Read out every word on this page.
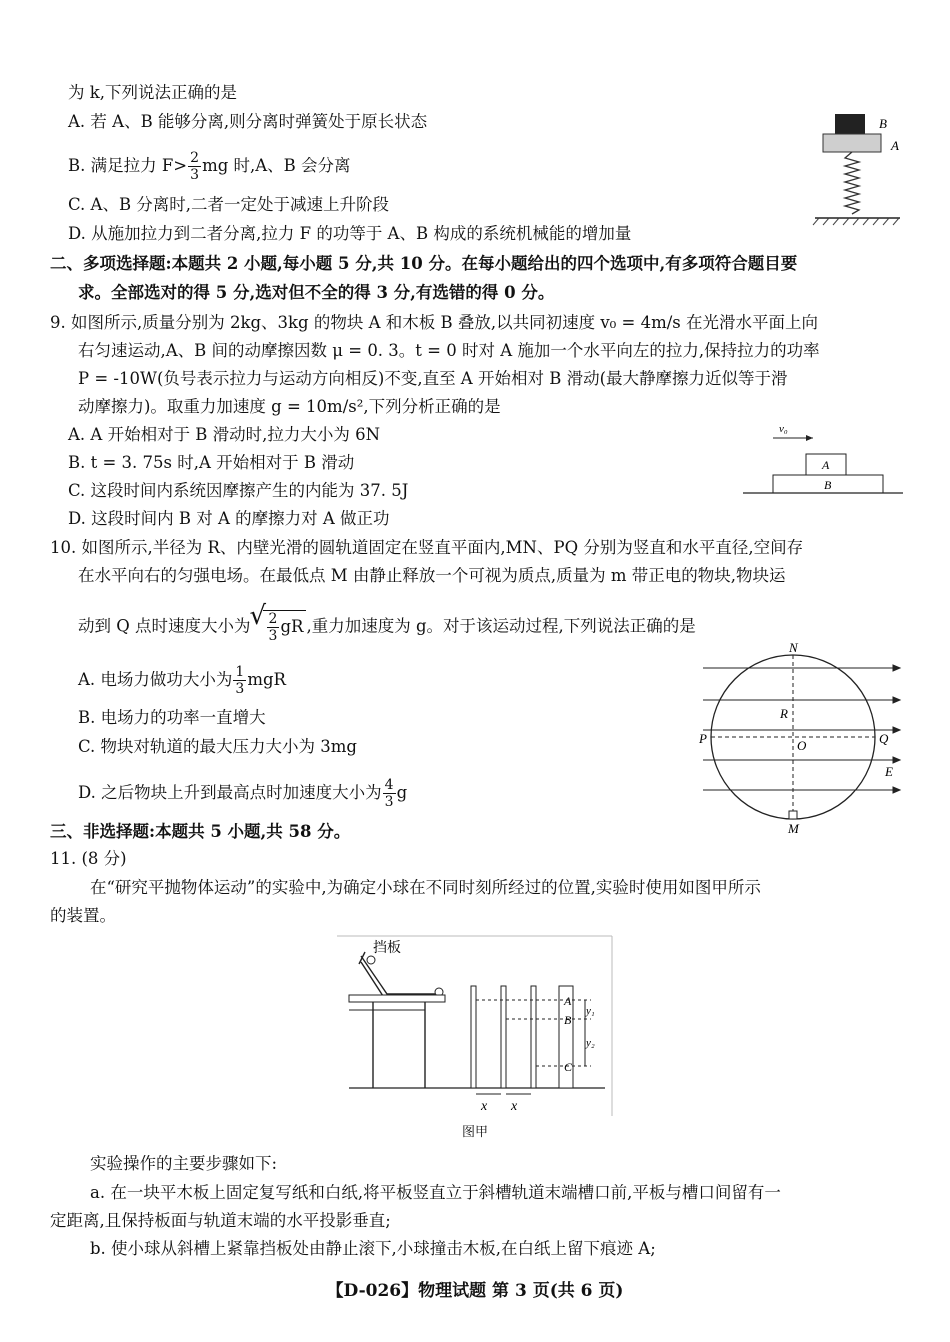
为 k,下列说法正确的是
A. 若 A、B 能够分离,则分离时弹簧处于原长状态
B. 满足拉力 $F> \frac{2}{3}$ mg 时,A、B 会分离
C. A、B 分离时,二者一定处于减速上升阶段
D. 从施加拉力到二者分离,拉力 F 的功等于 A、B 构成的系统机械能的增加量
B
A
二、多项选择题:本题共 2 小题,每小题 5 分,共 10 分。在每小题给出的四个选项中,有多项符合题目要
求。全部选对的得 5 分,选对但不全的得 3 分,有选错的得 0 分。
9. 如图所示,质量分别为 2kg、3kg 的物块 A 和木板 B 叠放,以共同初速度 v₀ = 4m/s 在光滑水平面上向
右匀速运动,A、B 间的动摩擦因数 μ = 0. 3。t = 0 时对 A 施加一个水平向左的拉力,保持拉力的功率
P = -10W(负号表示拉力与运动方向相反)不变,直至 A 开始相对 B 滑动(最大静摩擦力近似等于滑
动摩擦力)。取重力加速度 g = 10m/s²,下列分析正确的是
A. A 开始相对于 B 滑动时,拉力大小为 6N
B. t = 3. 75s 时,A 开始相对于 B 滑动
C. 这段时间内系统因摩擦产生的内能为 37. 5J
D. 这段时间内 B 对 A 的摩擦力对 A 做正功
v₀
A
B
10. 如图所示,半径为 R、内壁光滑的圆轨道固定在竖直平面内,MN、PQ 分别为竖直和水平直径,空间存
在水平向右的匀强电场。在最低点 M 由静止释放一个可视为质点,质量为 m 带正电的物块,物块运
动到 Q 点时速度大小为
√ $\frac{2}{3}$ gR ,重力加速度为 g。对于该运动过程,下列说法正确的是
A. 电场力做功大小为 $\frac{1}{3}$ mgR
B. 电场力的功率一直增大
C. 物块对轨道的最大压力大小为 3mg
D. 之后物块上升到最高点时加速度大小为 $\frac{4}{3}$ g
N
R
P	O	Q
E
M
三、非选择题:本题共 5 小题,共 58 分。
11. (8 分)
在“研究平抛物体运动”的实验中,为确定小球在不同时刻所经过的位置,实验时使用如图甲所示
的装置。
挡板
A
B
C
y₁
y₂
x x
图甲
实验操作的主要步骤如下:
a. 在一块平木板上固定复写纸和白纸,将平板竖直立于斜槽轨道末端槽口前,平板与槽口间留有一
定距离,且保持板面与轨道末端的水平投影垂直;
b. 使小球从斜槽上紧靠挡板处由静止滚下,小球撞击木板,在白纸上留下痕迹 A;
【D-026】物理试题 第 3 页(共 6 页)
